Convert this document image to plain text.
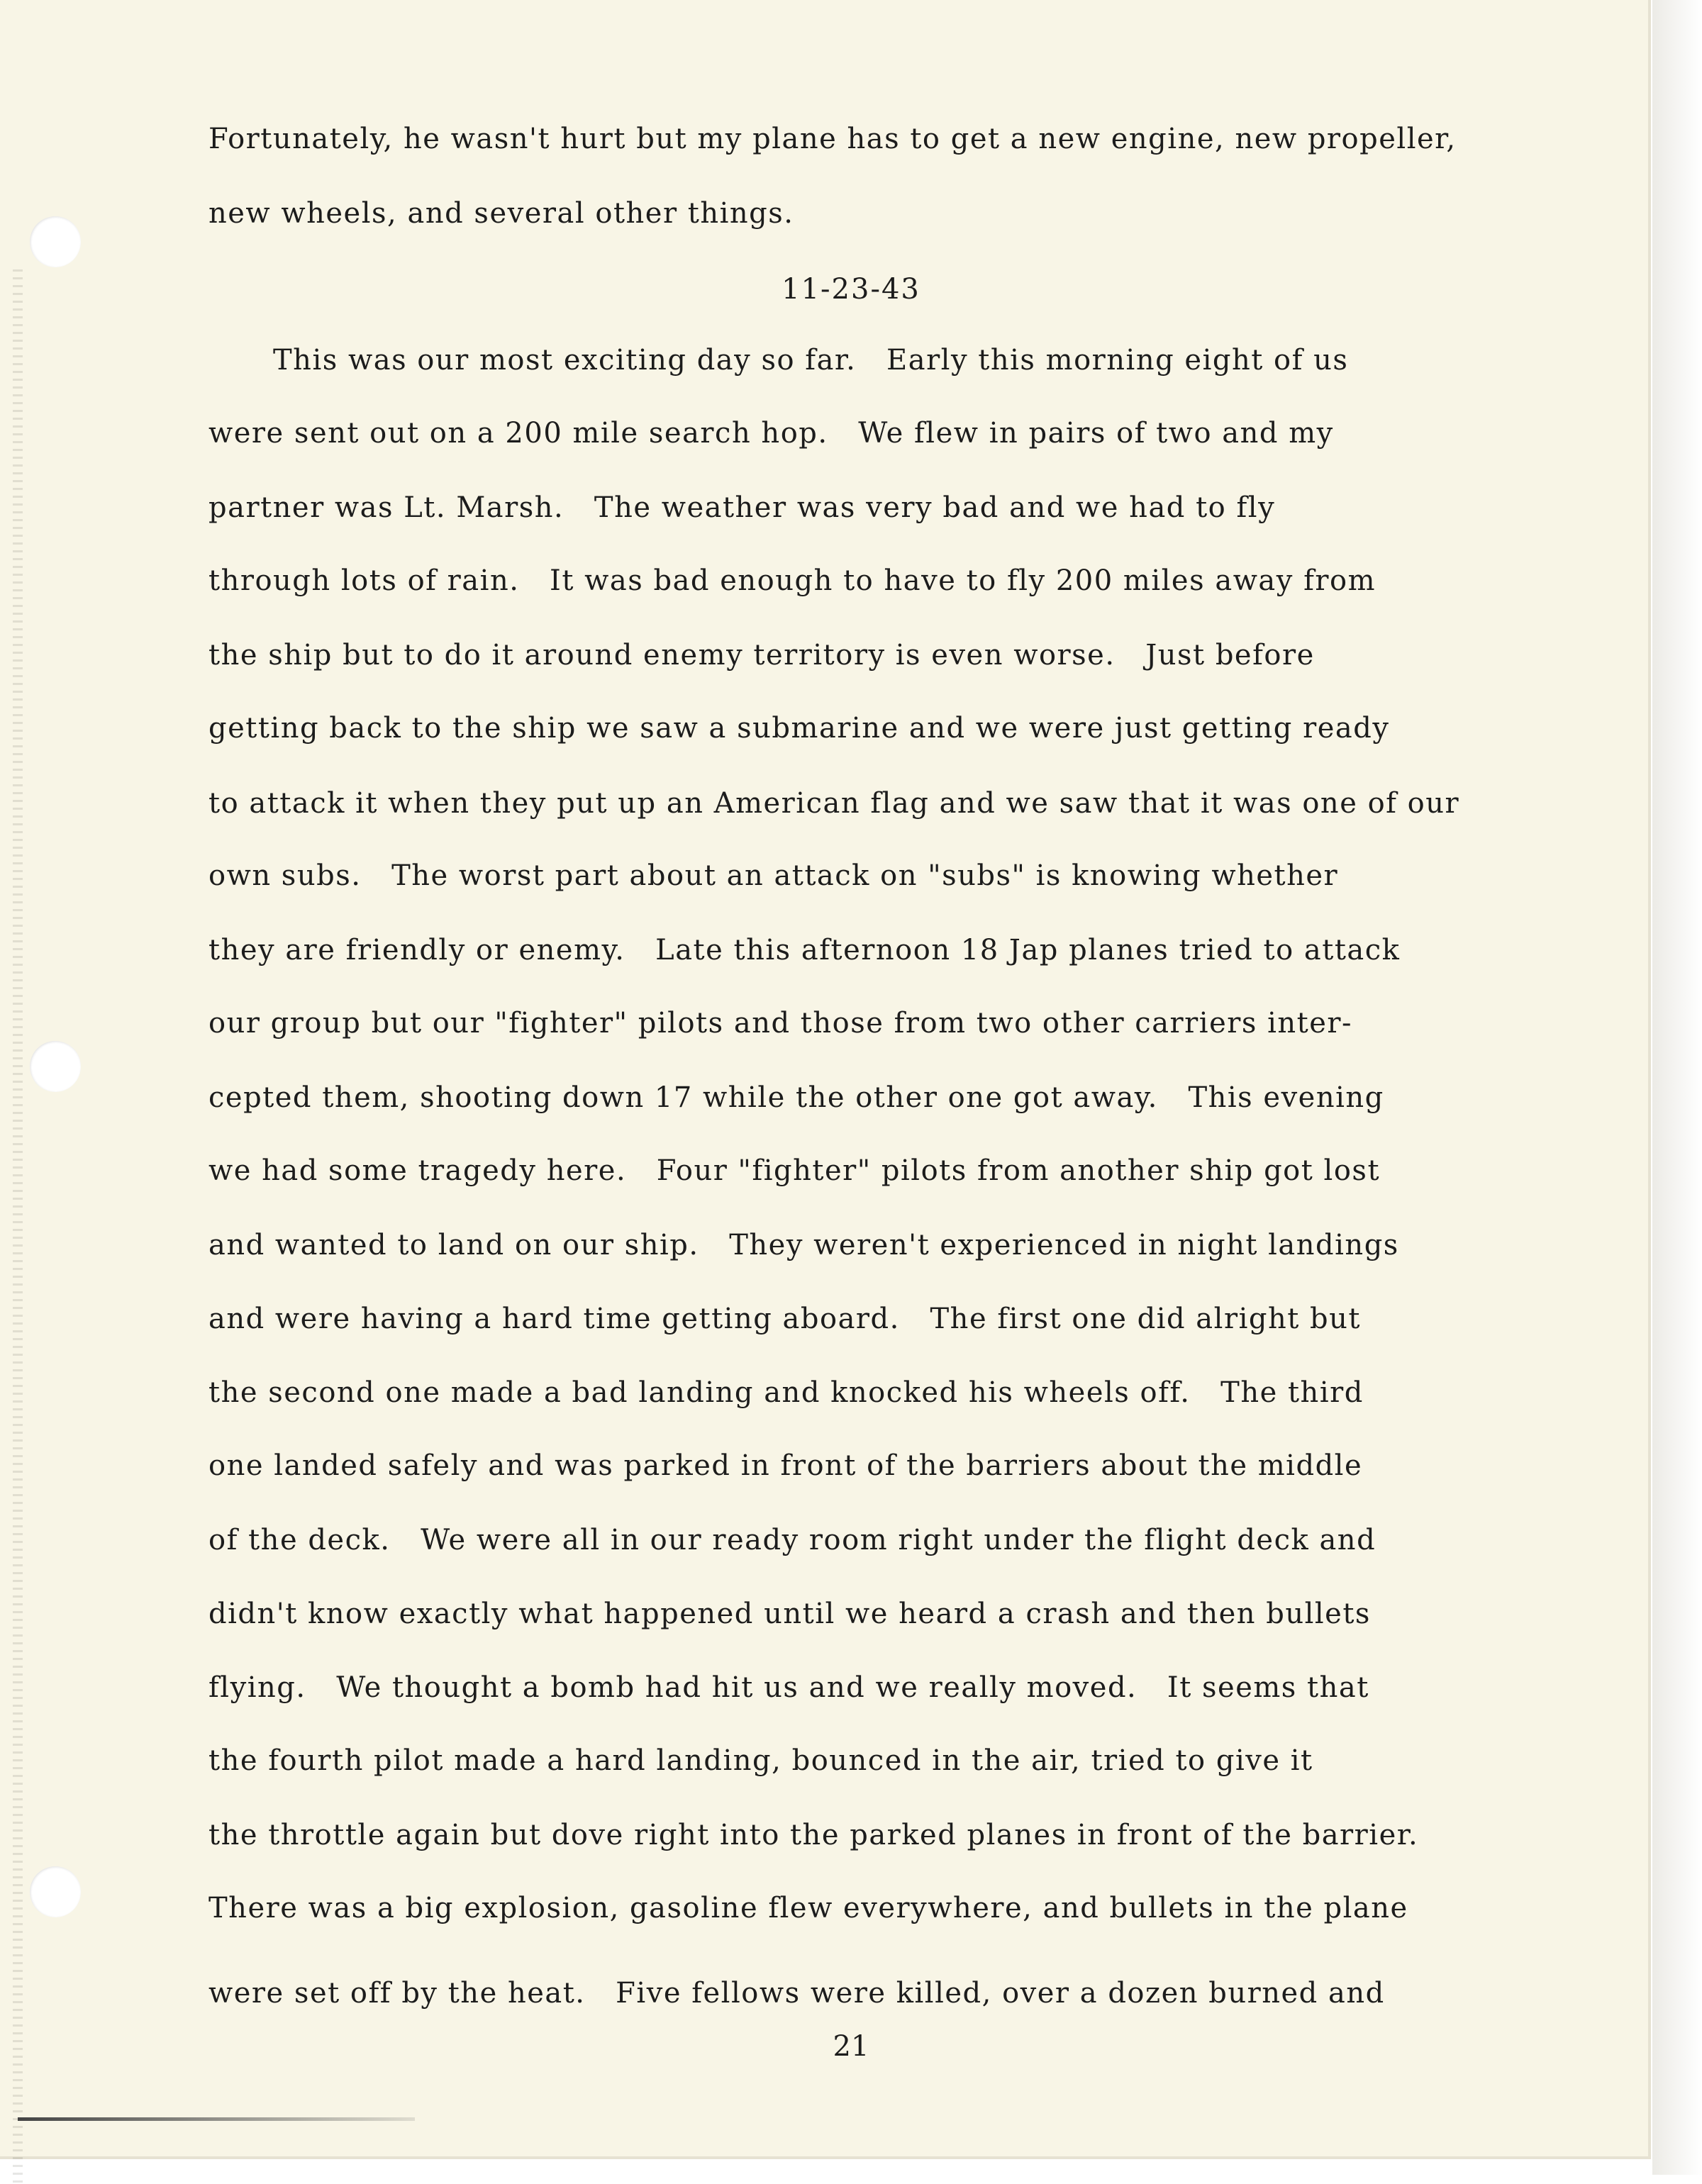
Fortunately, he wasn't hurt but my plane has to get a new engine, new propeller,

new wheels, and several other things.

11-23-43

This was our most exciting day so far.   Early this morning eight of us

were sent out on a 200 mile search hop.   We flew in pairs of two and my

partner was Lt. Marsh.   The weather was very bad and we had to fly

through lots of rain.   It was bad enough to have to fly 200 miles away from

the ship but to do it around enemy territory is even worse.   Just before

getting back to the ship we saw a submarine and we were just getting ready

to attack it when they put up an American flag and we saw that it was one of our

own subs.   The worst part about an attack on "subs" is knowing whether

they are friendly or enemy.   Late this afternoon 18 Jap planes tried to attack

our group but our "fighter" pilots and those from two other carriers inter-

cepted them, shooting down 17 while the other one got away.   This evening

we had some tragedy here.   Four "fighter" pilots from another ship got lost

and wanted to land on our ship.   They weren't experienced in night landings

and were having a hard time getting aboard.   The first one did alright but

the second one made a bad landing and knocked his wheels off.   The third

one landed safely and was parked in front of the barriers about the middle

of the deck.   We were all in our ready room right under the flight deck and

didn't know exactly what happened until we heard a crash and then bullets

flying.   We thought a bomb had hit us and we really moved.   It seems that

the fourth pilot made a hard landing, bounced in the air, tried to give it

the throttle again but dove right into the parked planes in front of the barrier.

There was a big explosion, gasoline flew everywhere, and bullets in the plane

were set off by the heat.   Five fellows were killed, over a dozen burned and

21
